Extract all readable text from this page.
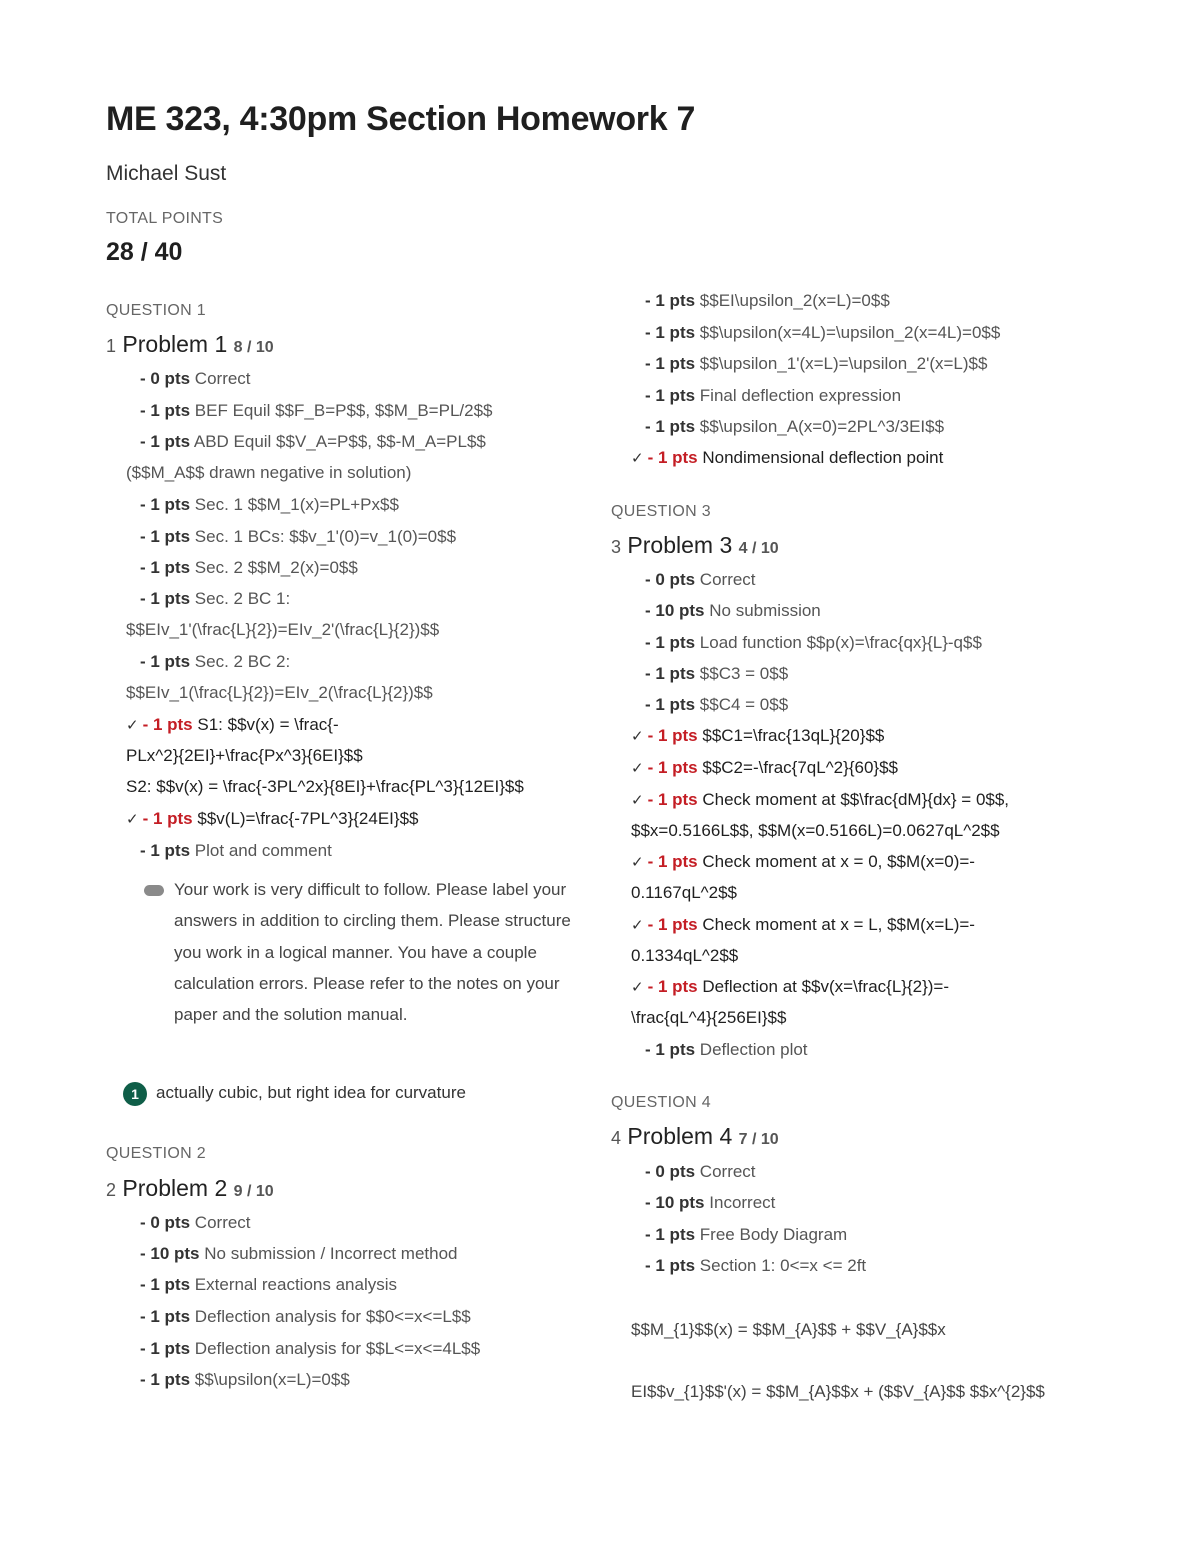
ME 323, 4:30pm Section Homework 7
Michael Sust
TOTAL POINTS
28 / 40
QUESTION 1
1 Problem 1 8 / 10
- 0 pts Correct
- 1 pts BEF Equil $$F_B=P$$, $$M_B=PL/2$$
- 1 pts ABD Equil $$V_A=P$$, $$-M_A=PL$$
($$M_A$$ drawn negative in solution)
- 1 pts Sec. 1 $$M_1(x)=PL+Px$$
- 1 pts Sec. 1 BCs: $$v_1'(0)=v_1(0)=0$$
- 1 pts Sec. 2 $$M_2(x)=0$$
- 1 pts Sec. 2 BC 1:
$$EIv_1'(\frac{L}{2})=EIv_2'(\frac{L}{2})$$
- 1 pts Sec. 2 BC 2:
$$EIv_1(\frac{L}{2})=EIv_2(\frac{L}{2})$$
✓ - 1 pts S1: $$v(x) = \frac{-
PLx^2}{2EI}+\frac{Px^3}{6EI}$$
S2: $$v(x) = \frac{-3PL^2x}{8EI}+\frac{PL^3}{12EI}$$
✓ - 1 pts $$v(L)=\frac{-7PL^3}{24EI}$$
- 1 pts Plot and comment
Your work is very difficult to follow. Please label your answers in addition to circling them. Please structure you work in a logical manner. You have a couple calculation errors. Please refer to the notes on your paper and the solution manual.
1	actually cubic, but right idea for curvature
QUESTION 2
2 Problem 2 9 / 10
- 0 pts Correct
- 10 pts No submission / Incorrect method
- 1 pts External reactions analysis
- 1 pts Deflection analysis for $$0<=x<=L$$
- 1 pts Deflection analysis for $$L<=x<=4L$$
- 1 pts $$\upsilon(x=L)=0$$
- 1 pts $$EI\upsilon_2(x=L)=0$$
- 1 pts $$\upsilon(x=4L)=\upsilon_2(x=4L)=0$$
- 1 pts $$\upsilon_1'(x=L)=\upsilon_2'(x=L)$$
- 1 pts Final deflection expression
- 1 pts $$\upsilon_A(x=0)=2PL^3/3EI$$
✓ - 1 pts Nondimensional deflection point
QUESTION 3
3 Problem 3 4 / 10
- 0 pts Correct
- 10 pts No submission
- 1 pts Load function $$p(x)=\frac{qx}{L}-q$$
- 1 pts $$C3 = 0$$
- 1 pts $$C4 = 0$$
✓ - 1 pts $$C1=\frac{13qL}{20}$$
✓ - 1 pts $$C2=-\frac{7qL^2}{60}$$
✓ - 1 pts Check moment at $$\frac{dM}{dx} = 0$$,
$$x=0.5166L$$, $$M(x=0.5166L)=0.0627qL^2$$
✓ - 1 pts Check moment at x = 0, $$M(x=0)=-
0.1167qL^2$$
✓ - 1 pts Check moment at x = L, $$M(x=L)=-
0.1334qL^2$$
✓ - 1 pts Deflection at $$v(x=\frac{L}{2})=-
\frac{qL^4}{256EI}$$
- 1 pts Deflection plot
QUESTION 4
4 Problem 4 7 / 10
- 0 pts Correct
- 10 pts Incorrect
- 1 pts Free Body Diagram
- 1 pts Section 1: 0<=x <= 2ft
$$M_{1}$$(x) = $$M_{A}$$ + $$V_{A}$$x
EI$$v_{1}$$'(x) = $$M_{A}$$x + ($$V_{A}$$ $$x^{2}$$
